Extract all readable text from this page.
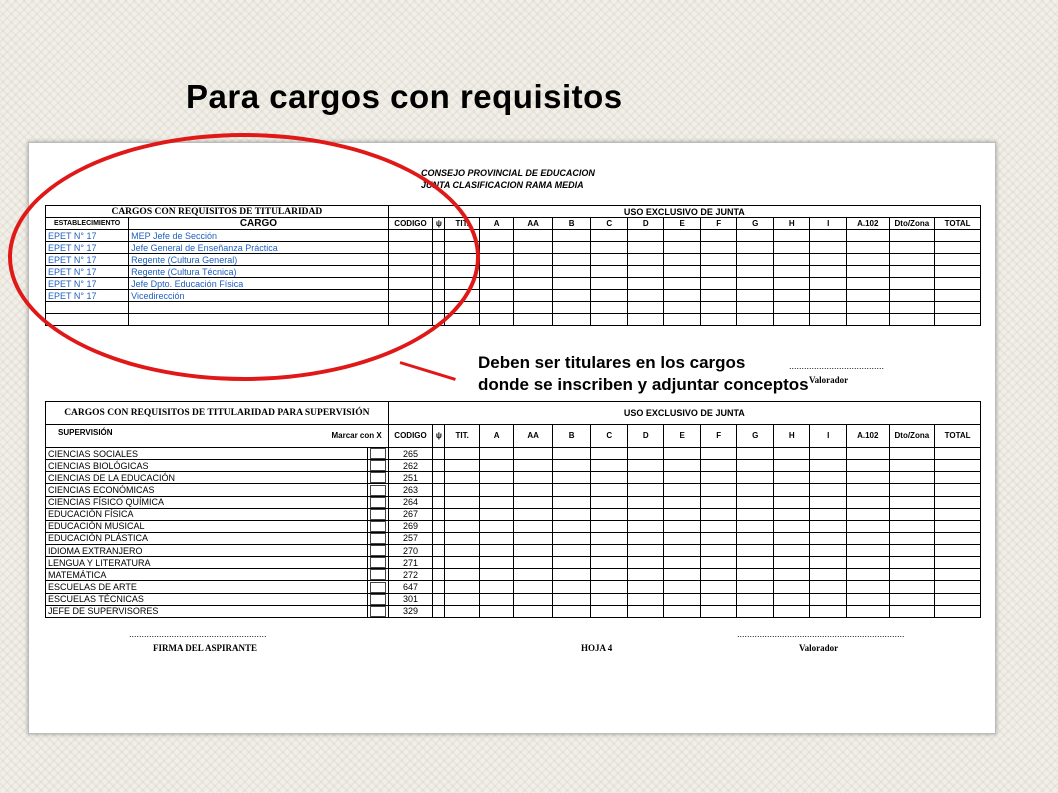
Para cargos con requisitos
CONSEJO PROVINCIAL DE EDUCACION
JUNTA CLASIFICACION RAMA MEDIA
CARGOS CON REQUISITOS DE TITULARIDAD		USO EXCLUSIVO DE JUNTA															
ESTABLECIMIENTO	CARGO	CODIGO	ψ	TIT.	A	AA	B	C	D	E	F	G	H	I	A.102	Dto/Zona	TOTAL
EPET N° 17	MEP Jefe de Sección																
EPET N° 17	Jefe General de Enseñanza Práctica																
EPET N° 17	Regente (Cultura General)																
EPET N° 17	Regente (Cultura Técnica)																
EPET N° 17	Jefe Dpto. Educación Física																
EPET N° 17	Vicedirección																

CARGOS CON REQUISITOS DE TITULARIDAD PARA SUPERVISIÓN		USO EXCLUSIVO DE JUNTA															

SUPERVISIÓN Marcar con X		CODIGO	ψ	TIT.	A	AA	B	C	D	E	F	G	H	I	A.102	Dto/Zona	TOTAL
CIENCIAS SOCIALES		265															
CIENCIAS BIOLÓGICAS		262															
CIENCIAS DE LA EDUCACIÓN		251															
CIENCIAS ECONÓMICAS		263															
CIENCIAS FÍSICO QUÍMICA		264															
EDUCACIÓN FÍSICA		267															
EDUCACIÓN MUSICAL		269															
EDUCACIÓN PLÁSTICA		257															
IDIOMA EXTRANJERO		270															
LENGUA Y LITERATURA		271															
MATEMÁTICA		272															
ESCUELAS DE ARTE		647															
ESCUELAS TÉCNICAS		301															
JEFE DE SUPERVISORES		329															
......................................
Valorador
.......................................................
FIRMA DEL ASPIRANTE	HOJA 4
...................................................................
Valorador
Deben ser titulares en los cargos
donde se inscriben y adjuntar conceptos
